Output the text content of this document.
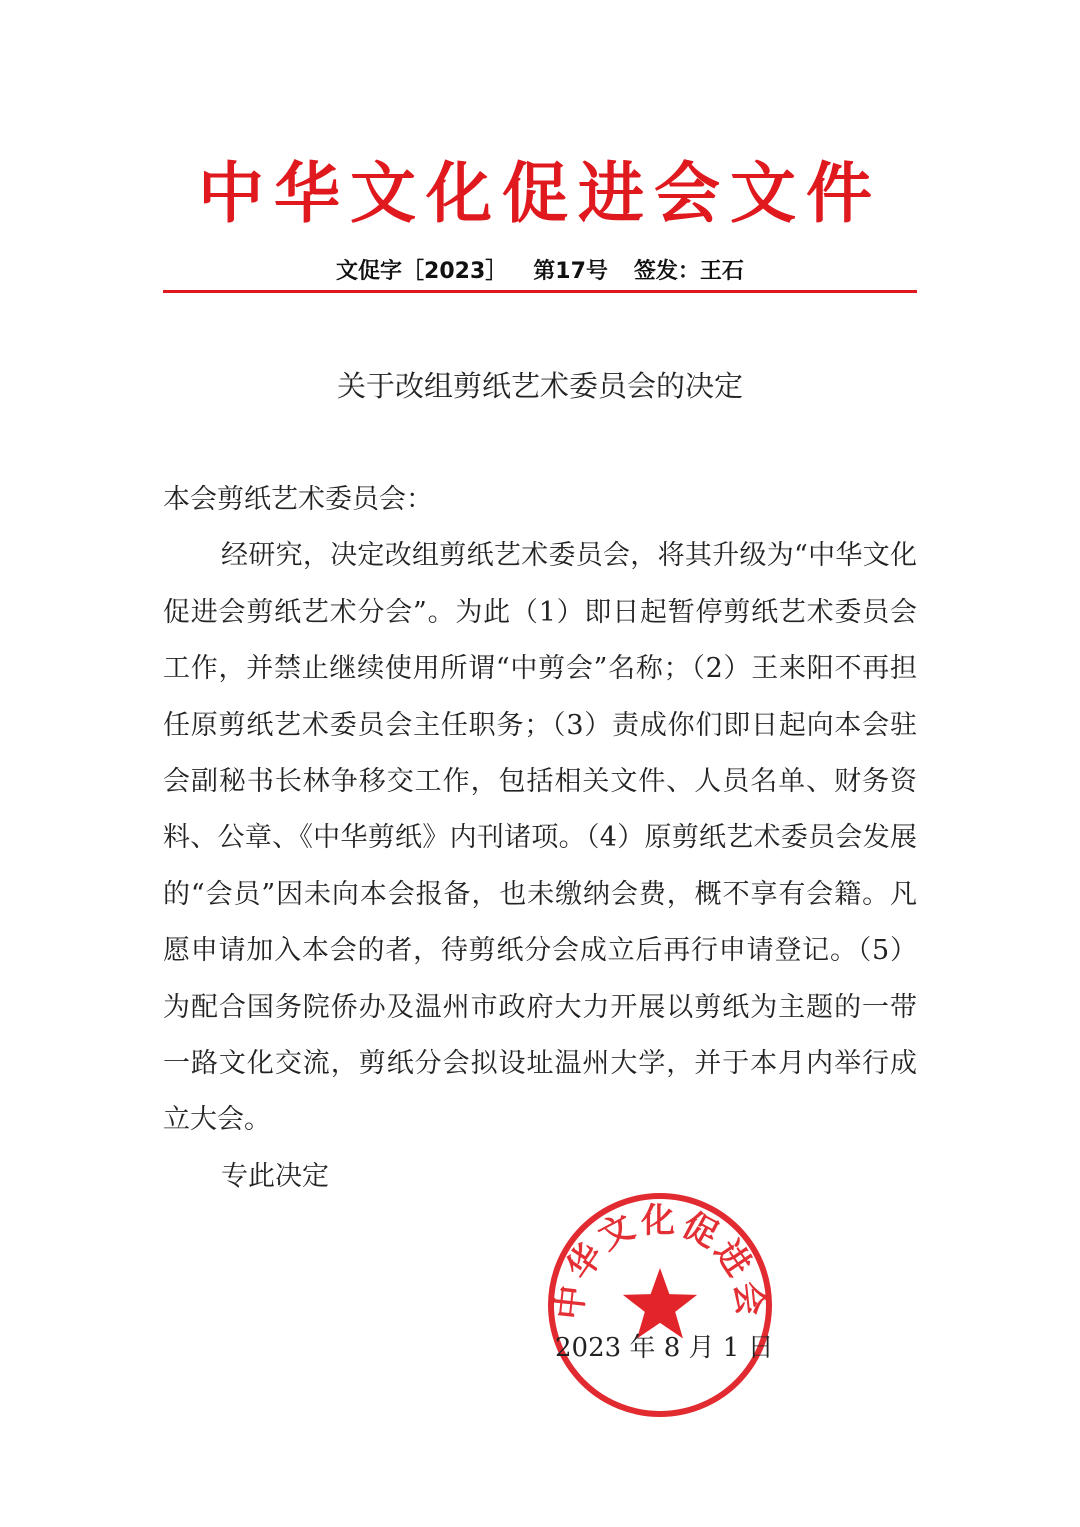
中华文化促进会文件
文促字［2023］ 第17号 签发：王石
关于改组剪纸艺术委员会的决定

本会剪纸艺术委员会：

经研究，决定改组剪纸艺术委员会，将其升级为“中华文化促进会剪纸艺术分会”。为此（1）即日起暂停剪纸艺术委员会工作，并禁止继续使用所谓“中剪会”名称；（2）王来阳不再担任原剪纸艺术委员会主任职务；（3）责成你们即日起向本会驻会副秘书长林争移交工作，包括相关文件、人员名单、财务资料、公章、《中华剪纸》内刊诸项。（4）原剪纸艺术委员会发展的“会员”因未向本会报备，也未缴纳会费，概不享有会籍。凡愿申请加入本会的者，待剪纸分会成立后再行申请登记。（5）为配合国务院侨办及温州市政府大力开展以剪纸为主题的一带一路文化交流，剪纸分会拟设址温州大学，并于本月内举行成立大会。

专此决定

中华文化促进会
2023 年 8 月 1 日
